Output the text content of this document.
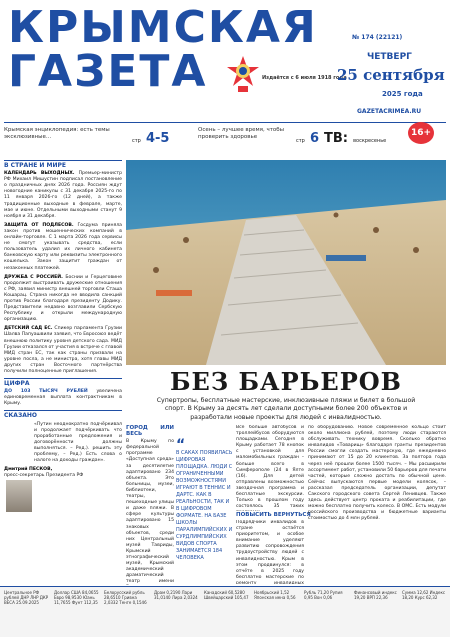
КРЫМСКАЯ
ГАЗЕТА	Издаётся с 6 июля 1918 года
№ 174 (22121)
ЧЕТВЕРГ
25 сентября
2025 года
GAZETACRIMEA.RU
Крымская энциклопедия: есть темы эксклюзивные…
стр 4-5
Осень – лучшее время, чтобы проверить здоровье
стр 6 ТВ: воскресенье
16+
В СТРАНЕ И МИРЕ

КАЛЕНДАРЬ ВЫХОДНЫХ. Премьер-министр РФ Михаил Мишустин подписал постановление о праздничных днях 2026 года. Россиян ждут новогодние каникулы с 31 декабря 2025-го по 11 января 2026-го (12 дней), а также традиционные выходные в феврале, марте, мае и июне. Отдельными выходными станут 9 ноября и 31 декабря.

ЗАЩИТА ОТ ПОДЛЕСОВ. Госдума приняла закон против мошеннических компаний в онлайн-торговле. С 1 марта 2026 года сервисы не смогут указывать средства, если пользователь удалил их личного кабинета банковскую карту или реквизиты электронного кошелька. Закон защитит граждан от незаконных платежей.

ДРУЖБА С РОССИЕЙ. Боснии и Герцеговине продолжит выстраивать дружеские отношения с РФ, заявил министр внешней торговли Сташа Кошарац. Страна никогда не вводила санкций против России благодаря президенту Додику. Представители недавно возглавили Сербскую Республику и открыли международную организацию.

ДЕТСКИЙ САД ЕС. Спикер парламента Грузии Шалва Папуашвили заявил, что Евросоюз ведёт внешнюю политику уровня детского сада. МИД Грузии отказался от участия в встрече с главой МИД стран ЕС, так как страны призвали на уровне посла, а не министра, хотя главы МИД других стран Восточного партнёрства получили полноценные приглашения.

ЦИФРА

ДО 103 ТЫСЯЧ РУБЛЕЙ увеличена единовременная выплата контрактникам в Крыму.

СКАЗАНО

«Путин неоднократно подчёркивал и продолжает подчёркивать что проработанные предложения и договорённости должны выполняться. – Ред.). решить эту проблему, – Ред.) Есть слова о налоге на доходы граждан».

Дмитрий ПЕСКОВ,
пресс-секретарь Президента РФ

БЕЗ БАРЬЕРОВ
Супертропы, бесплатные мастерские, инклюзивные пляжи и билет в большой спорт. В Крыму за десять лет сделали доступными более 200 объектов и разработали новые проекты для людей с инвалидностью.
ГОРОД ИЛИ ВЕСЬ
В Крыму по федеральной программе «Доступная среда» за десятилетие адаптировано 234 объекта. Это больницы, музеи, библиотеки, театры, пешеходные улицы и даже пляжи. В сфере культуры адаптировано 15 знаковых объектов, среди них Центральный музей Тавриды, Крымский этнографический музей, Крымский академический драматический театр имени
“
В САКАХ ПОЯВИЛАСЬ ЦИФРОВАЯ ПЛОЩАДКА. ЛЮДИ С ОГРАНИЧЕННЫМИ ВОЗМОЖНОСТЯМИ ИГРАЮТ В ТЕННИС И ДАРТС. КАК В РЕАЛЬНОСТИ, ТАК И В ЦИФРОВОМ ФОРМАТЕ. НА БАЗЕ ШКОЛЫ ПАРАЛИМПИЙСКИХ И СУРДЛИМПИЙСКИХ ВИДОВ СПОРТА ЗАНИМАЕТСЯ 184 ЧЕЛОВЕКА
Всё больше автобусов и троллейбусов оборудуются площадками. Сегодня в Крыму работает 78 кнопок с установкой для маломобильных граждан – больше всего в Симферополе (24 в Ялте (16). Для детей отправлены возможностью звездочная программа и бесплатные экскурсии. Только в прошлом году состоялось 35 таких
ПОВЫСИТЬ ВЕРНУТЬСЯ
Подрядчики инвалидов в стране остаётся приоритетом, и особое внимание уделяют развитию сопровождения трудоустройству людей с инвалидностью. Крым в этом продвинулся: в отчёте в 2025 году бесплатно мастерские по ремонту инвалидных
по оборудованию. Новое современное кольцо стоит около миллиона рублей, поэтому люди стараются обслуживать технику вовремя. Сколько обратно инвалидов «Товарищ» благодаря гранты президентов России смогли создать мастерскую, где ежедневно принимают от 15 до 20 клиентов. За полтора года через неё прошли более 1500 тысяч. – Мы расширили ассортимент работ, установили 50 барьеров для печати частей, которые сложно достать по обычной цене. Сейчас выпускаются первые модели колясок, – рассказал председатель организации, депутат Сакского городского совета Сергей Ленивцев. Также здесь действует центр проката и реабилитации, где можно бесплатно получить колесо. В ОМС. Есть модули российского производства и бюджетные варианты стоимостью до 4 млн рублей.
Центральное РФ рублей ДНР ЛНР ДКР ВЕСА 25.09.2025
Доллар США 84,0655 Евро 98,9530 Юань 11,7655 Фунт 112,35
Белорусский рубль 28,6510 Гривна 2,0332 Тенге 0,1546
Драм 0,2190 Лари 31,0140 Лира 2,0324
Канадский 60,5280 Швейцарский 105,47
Ноябрьский 1,52 Японская иена 0,56
Рубль 71,20 Рупия 0,95 Вон 0,06
Финансовый индекс 19,20 ВРП 22,36
Сумма 12,62 Индекс 18,20 Курс 62,32
